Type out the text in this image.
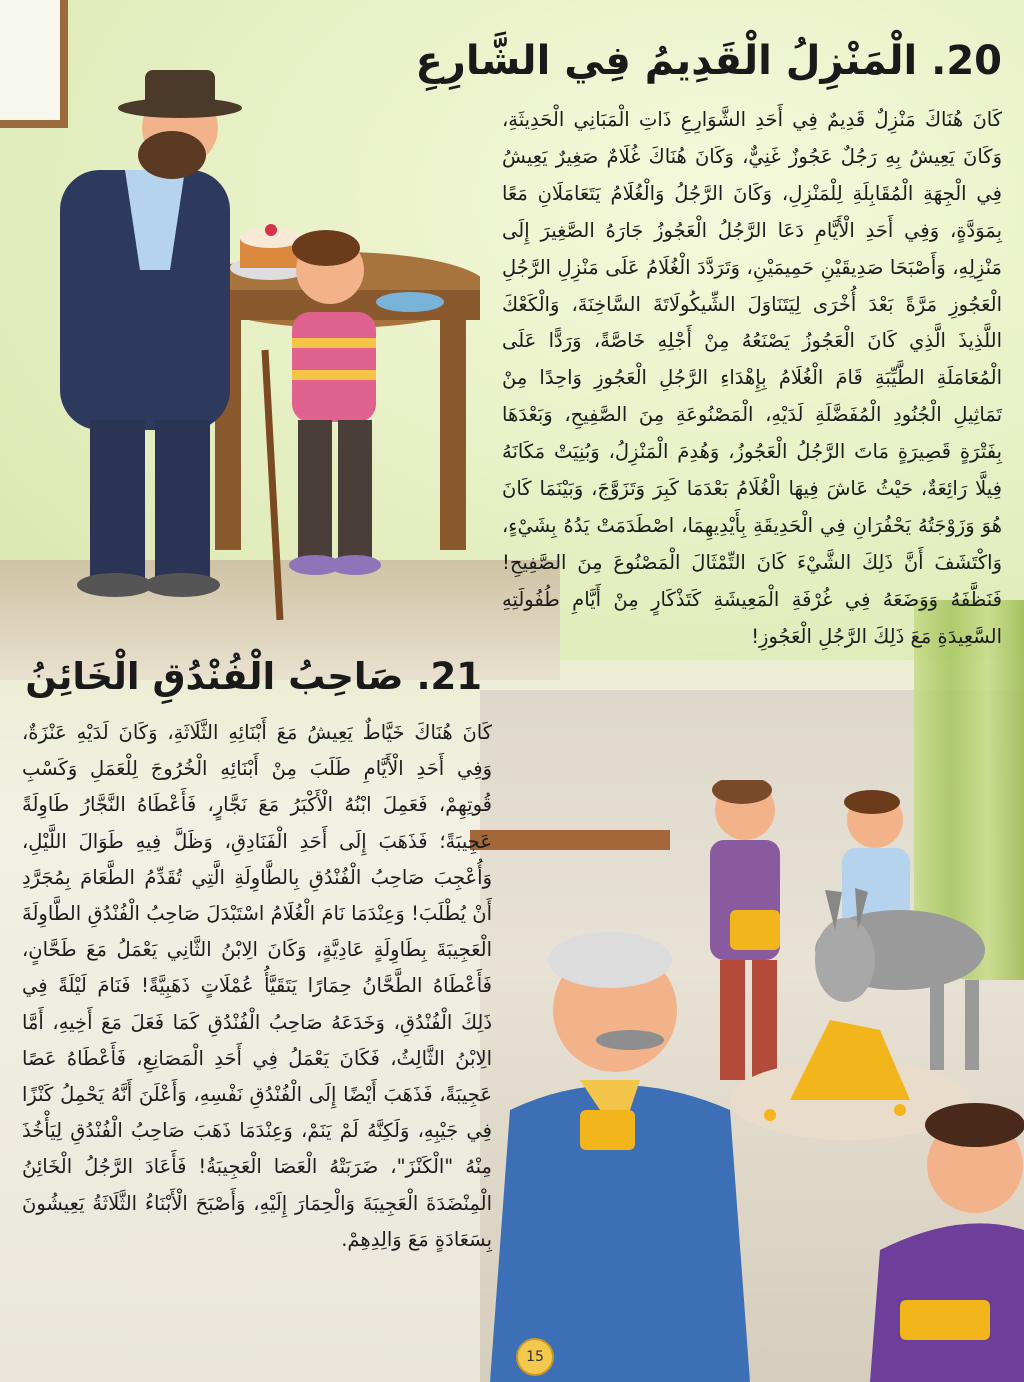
20. الْمَنْزِلُ الْقَدِيمُ فِي الشَّارِعِ

كَانَ هُنَاكَ مَنْزِلٌ قَدِيمٌ فِي أَحَدِ الشَّوَارِعِ ذَاتِ الْمَبَانِي الْحَدِيثَةِ، وَكَانَ يَعِيشُ بِهِ رَجُلٌ عَجُوزٌ غَنِيٌّ، وَكَانَ هُنَاكَ غُلَامٌ صَغِيرٌ يَعِيشُ فِي الْجِهَةِ الْمُقَابِلَةِ لِلْمَنْزِلِ، وَكَانَ الرَّجُلُ وَالْغُلَامُ يَتَعَامَلَانِ مَعًا بِمَوَدَّةٍ، وَفِي أَحَدِ الْأَيَّامِ دَعَا الرَّجُلُ الْعَجُوزُ جَارَهُ الصَّغِيرَ إِلَى مَنْزِلِهِ، وَأَصْبَحَا صَدِيقَيْنِ حَمِيمَيْنِ، وَتَرَدَّدَ الْغُلَامُ عَلَى مَنْزِلِ الرَّجُلِ الْعَجُوزِ مَرَّةً بَعْدَ أُخْرَى لِيَتَنَاوَلَ الشِّيكُولَاتَةَ السَّاخِنَةَ، وَالْكَعْكَ اللَّذِيذَ الَّذِي كَانَ الْعَجُوزُ يَصْنَعُهُ مِنْ أَجْلِهِ خَاصَّةً، وَرَدًّا عَلَى الْمُعَامَلَةِ الطَّيِّبَةِ قَامَ الْغُلَامُ بِإِهْدَاءِ الرَّجُلِ الْعَجُوزِ وَاحِدًا مِنْ تَمَاثِيلِ الْجُنُودِ الْمُفَضَّلَةِ لَدَيْهِ، الْمَصْنُوعَةِ مِنَ الصَّفِيحِ، وَبَعْدَهَا بِفَتْرَةٍ قَصِيرَةٍ مَاتَ الرَّجُلُ الْعَجُوزُ، وَهُدِمَ الْمَنْزِلُ، وَبُنِيَتْ مَكَانَهُ فِيلَّا رَائِعَةٌ، حَيْثُ عَاشَ فِيهَا الْغُلَامُ بَعْدَمَا كَبِرَ وَتَزَوَّجَ، وَبَيْنَمَا كَانَ هُوَ وَزَوْجَتُهُ يَحْفُرَانِ فِي الْحَدِيقَةِ بِأَيْدِيهِمَا، اصْطَدَمَتْ يَدُهُ بِشَيْءٍ، وَاكْتَشَفَ أَنَّ ذَلِكَ الشَّيْءَ كَانَ التِّمْثَالَ الْمَصْنُوعَ مِنَ الصَّفِيحِ! فَنَظَّفَهُ وَوَضَعَهُ فِي غُرْفَةِ الْمَعِيشَةِ كَتَذْكَارٍ مِنْ أَيَّامِ طُفُولَتِهِ السَّعِيدَةِ مَعَ ذَلِكَ الرَّجُلِ الْعَجُوزِ!

21. صَاحِبُ الْفُنْدُقِ الْخَائِنُ

كَانَ هُنَاكَ خَيَّاطٌ يَعِيشُ مَعَ أَبْنَائِهِ الثَّلَاثَةِ، وَكَانَ لَدَيْهِ عَنْزَةٌ، وَفِي أَحَدِ الْأَيَّامِ طَلَبَ مِنْ أَبْنَائِهِ الْخُرُوجَ لِلْعَمَلِ وَكَسْبِ قُوتِهِمْ، فَعَمِلَ ابْنُهُ الْأَكْبَرُ مَعَ نَجَّارٍ، فَأَعْطَاهُ النَّجَّارُ طَاوِلَةً عَجِيبَةً؛ فَذَهَبَ إِلَى أَحَدِ الْفَنَادِقِ، وَظَلَّ فِيهِ طَوَالَ اللَّيْلِ، وَأُعْجِبَ صَاحِبُ الْفُنْدُقِ بِالطَّاوِلَةِ الَّتِي تُقَدِّمُ الطَّعَامَ بِمُجَرَّدِ أَنْ يُطْلَبَ! وَعِنْدَمَا نَامَ الْغُلَامُ اسْتَبْدَلَ صَاحِبُ الْفُنْدُقِ الطَّاوِلَةَ الْعَجِيبَةَ بِطَاوِلَةٍ عَادِيَّةٍ، وَكَانَ الِابْنُ الثَّانِي يَعْمَلُ مَعَ طَحَّانٍ، فَأَعْطَاهُ الطَّحَّانُ حِمَارًا يَتَقَيَّأُ عُمْلَاتٍ ذَهَبِيَّةً! فَنَامَ لَيْلَةً فِي ذَلِكَ الْفُنْدُقِ، وَخَدَعَهُ صَاحِبُ الْفُنْدُقِ كَمَا فَعَلَ مَعَ أَخِيهِ، أَمَّا الِابْنُ الثَّالِثُ، فَكَانَ يَعْمَلُ فِي أَحَدِ الْمَصَانِعِ، فَأَعْطَاهُ عَصًا عَجِيبَةً، فَذَهَبَ أَيْضًا إِلَى الْفُنْدُقِ نَفْسِهِ، وَأَعْلَنَ أَنَّهُ يَحْمِلُ كَنْزًا فِي جَيْبِهِ، وَلَكِنَّهُ لَمْ يَنَمْ، وَعِنْدَمَا ذَهَبَ صَاحِبُ الْفُنْدُقِ لِيَأْخُذَ مِنْهُ "الْكَنْزَ"، ضَرَبَتْهُ الْعَصَا الْعَجِيبَةُ! فَأَعَادَ الرَّجُلُ الْخَائِنُ الْمِنْضَدَةَ الْعَجِيبَةَ وَالْحِمَارَ إِلَيْهِ، وَأَصْبَحَ الْأَبْنَاءُ الثَّلَاثَةُ يَعِيشُونَ بِسَعَادَةٍ مَعَ وَالِدِهِمْ.

15
